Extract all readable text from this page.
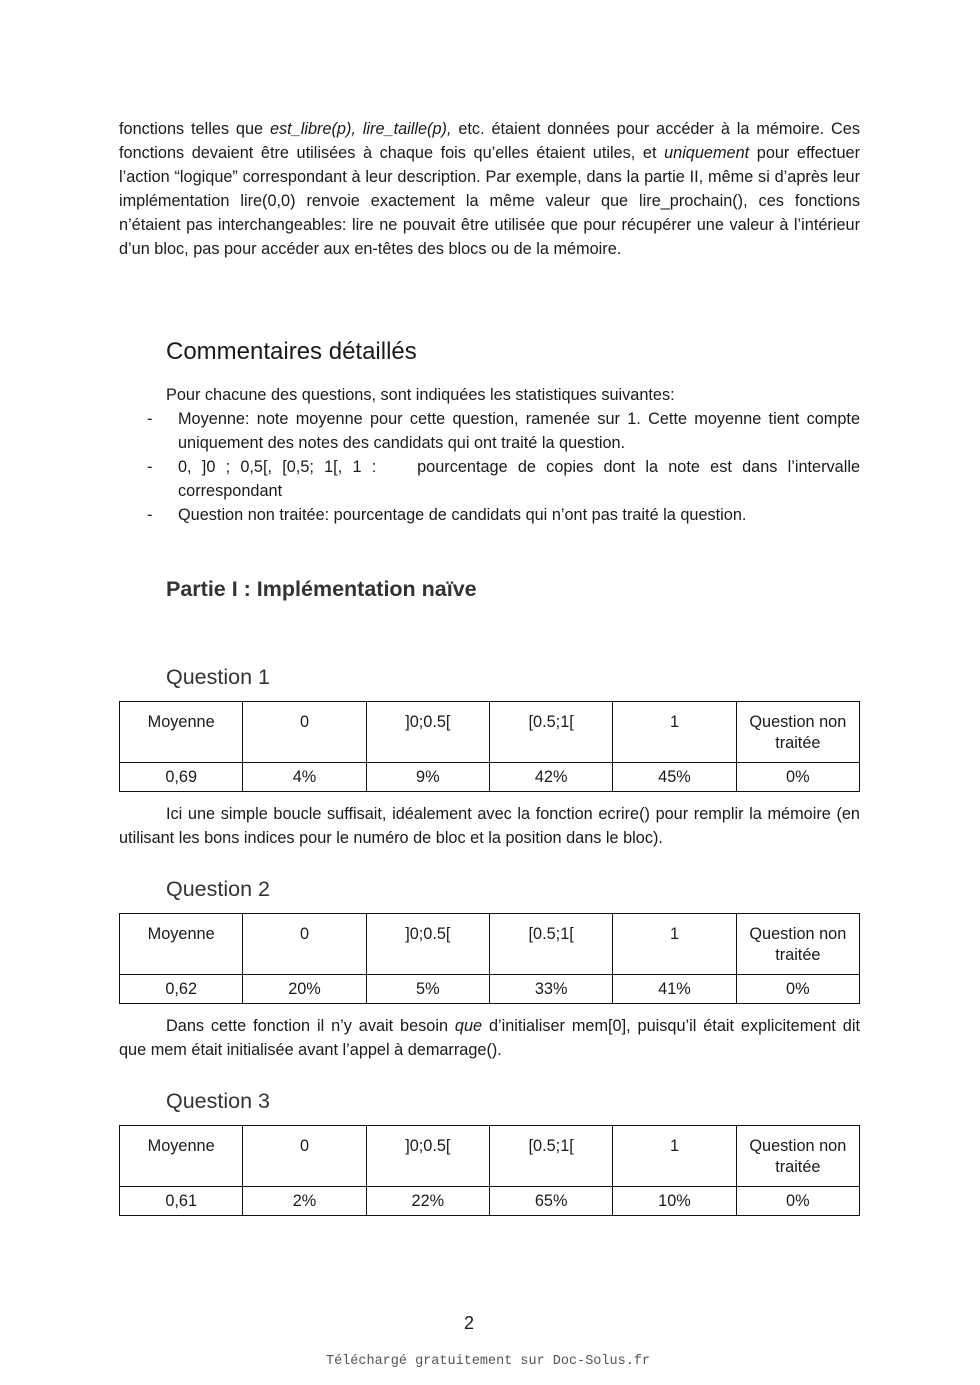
fonctions telles que est_libre(p), lire_taille(p), etc. étaient données pour accéder à la mémoire. Ces fonctions devaient être utilisées à chaque fois qu’elles étaient utiles, et uniquement pour effectuer l’action “logique” correspondant à leur description. Par exemple, dans la partie II, même si d’après leur implémentation lire(0,0) renvoie exactement la même valeur que lire_prochain(), ces fonctions n’étaient pas interchangeables: lire ne pouvait être utilisée que pour récupérer une valeur à l’intérieur d’un bloc, pas pour accéder aux en-têtes des blocs ou de la mémoire.

Commentaires détaillés

Pour chacune des questions, sont indiquées les statistiques suivantes:

- Moyenne: note moyenne pour cette question, ramenée sur 1. Cette moyenne tient compte uniquement des notes des candidats qui ont traité la question.
- 0, ]0 ; 0,5[, [0,5; 1[, 1 :    pourcentage de copies dont la note est dans l’intervalle correspondant
- Question non traitée: pourcentage de candidats qui n’ont pas traité la question.
Partie I : Implémentation naïve
Question 1
Moyenne	0	]0;0.5[	[0.5;1[	1	Question non traitée
0,69	4%	9%	42%	45%	0%

Ici une simple boucle suffisait, idéalement avec la fonction ecrire() pour remplir la mémoire (en utilisant les bons indices pour le numéro de bloc et la position dans le bloc).

Question 2
Moyenne	0	]0;0.5[	[0.5;1[	1	Question non traitée
0,62	20%	5%	33%	41%	0%

Dans cette fonction il n’y avait besoin que d’initialiser mem[0], puisqu’il était explicitement dit que mem était initialisée avant l’appel à demarrage().

Question 3
Moyenne	0	]0;0.5[	[0.5;1[	1	Question non traitée
0,61	2%	22%	65%	10%	0%

2

Téléchargé gratuitement sur Doc-Solus.fr
